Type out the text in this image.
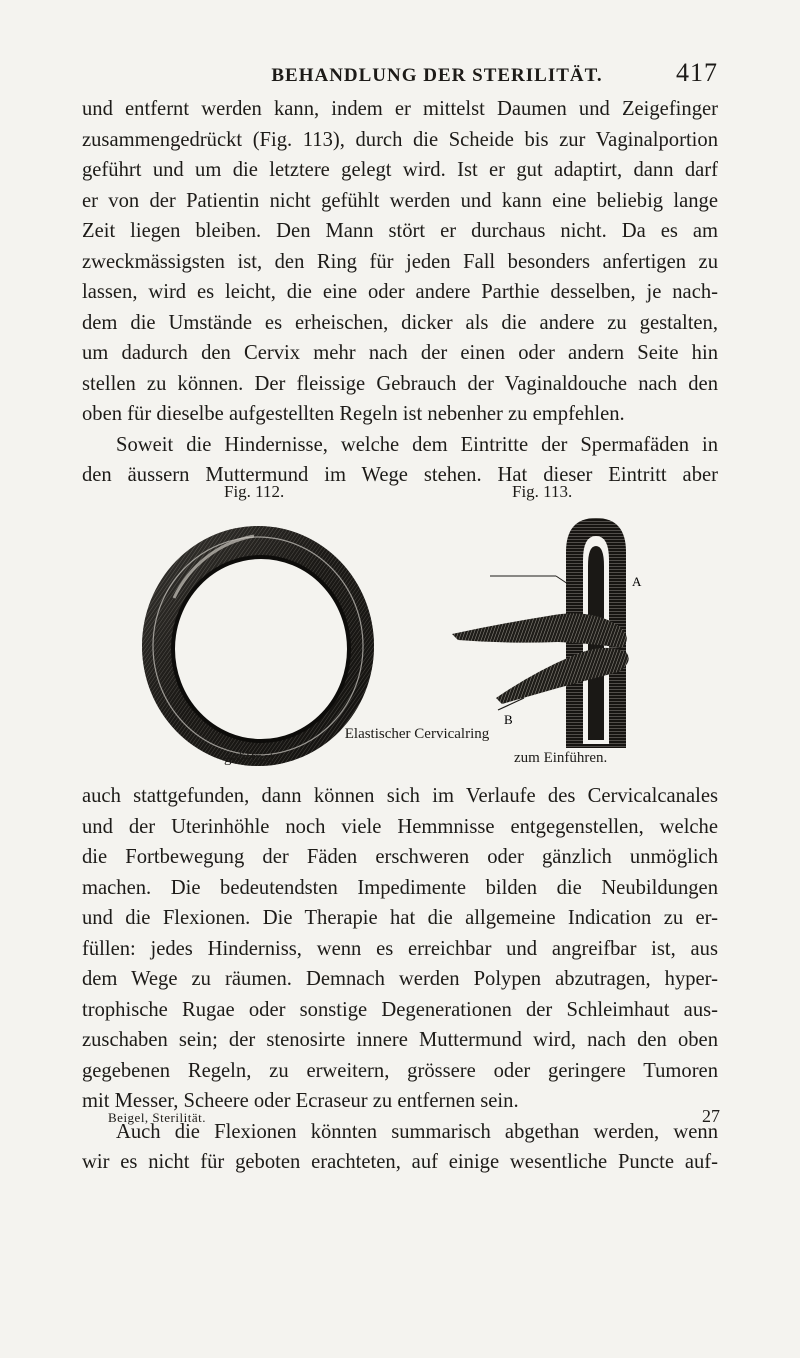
BEHANDLUNG DER STERILITÄT.	417
und entfernt werden kann, indem er mittelst Daumen und Zeigefinger
zusammengedrückt (Fig. 113), durch die Scheide bis zur Vaginalportion
geführt und um die letztere gelegt wird. Ist er gut adaptirt, dann darf
er von der Patientin nicht gefühlt werden und kann eine beliebig lange
Zeit liegen bleiben. Den Mann stört er durchaus nicht. Da es am
zweckmässigsten ist, den Ring für jeden Fall besonders anfertigen zu
lassen, wird es leicht, die eine oder andere Parthie desselben, je nach-
dem die Umstände es erheischen, dicker als die andere zu gestalten,
um dadurch den Cervix mehr nach der einen oder andern Seite hin
stellen zu können. Der fleissige Gebrauch der Vaginaldouche nach den
oben für dieselbe aufgestellten Regeln ist nebenher zu empfehlen.
Soweit die Hindernisse, welche dem Eintritte der Spermafäden in
den äussern Muttermund im Wege stehen. Hat dieser Eintritt aber
Fig. 112.	Fig. 113.
A
B
Elastischer Cervicalring
geöffnet	zum Einführen.
auch stattgefunden, dann können sich im Verlaufe des Cervicalcanales
und der Uterinhöhle noch viele Hemmnisse entgegenstellen, welche
die Fortbewegung der Fäden erschweren oder gänzlich unmöglich
machen. Die bedeutendsten Impedimente bilden die Neubildungen
und die Flexionen. Die Therapie hat die allgemeine Indication zu er-
füllen: jedes Hinderniss, wenn es erreichbar und angreifbar ist, aus
dem Wege zu räumen. Demnach werden Polypen abzutragen, hyper-
trophische Rugae oder sonstige Degenerationen der Schleimhaut aus-
zuschaben sein; der stenosirte innere Muttermund wird, nach den oben
gegebenen Regeln, zu erweitern, grössere oder geringere Tumoren
mit Messer, Scheere oder Ecraseur zu entfernen sein.
Auch die Flexionen könnten summarisch abgethan werden, wenn
wir es nicht für geboten erachteten, auf einige wesentliche Puncte auf-
Beigel, Sterilität.	27
